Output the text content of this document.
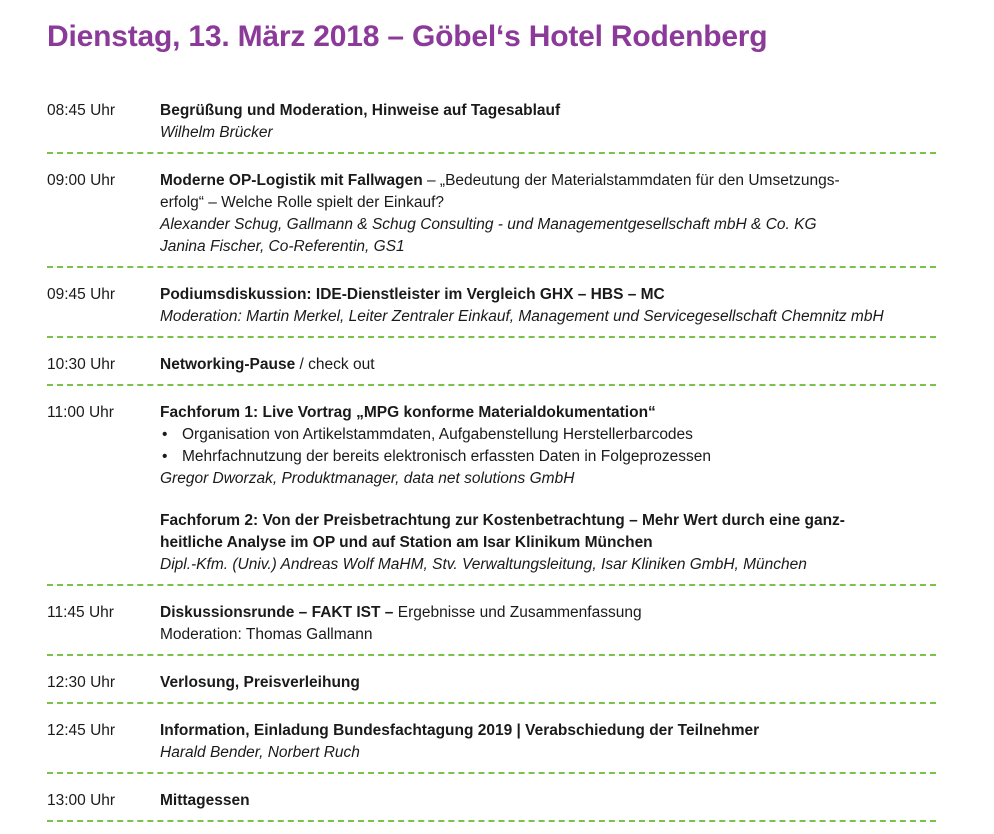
Dienstag, 13. März 2018 – Göbel‘s Hotel Rodenberg
08:45 Uhr	Begrüßung und Moderation, Hinweise auf Tagesablauf
Wilhelm Brücker
09:00 Uhr	Moderne OP-Logistik mit Fallwagen – „Bedeutung der Materialstammdaten für den Umsetzungs-
erfolg“ – Welche Rolle spielt der Einkauf?
Alexander Schug, Gallmann & Schug Consulting - und Managementgesellschaft mbH & Co. KG
Janina Fischer, Co-Referentin, GS1
09:45 Uhr	Podiumsdiskussion: IDE-Dienstleister im Vergleich GHX – HBS – MC
Moderation: Martin Merkel, Leiter Zentraler Einkauf, Management und Servicegesellschaft Chemnitz mbH
10:30 Uhr	Networking-Pause / check out
11:00 Uhr	Fachforum 1: Live Vortrag „MPG konforme Materialdokumentation“
• Organisation von Artikelstammdaten, Aufgabenstellung Herstellerbarcodes
• Mehrfachnutzung der bereits elektronisch erfassten Daten in Folgeprozessen
Gregor Dworzak, Produktmanager, data net solutions GmbH
Fachforum 2: Von der Preisbetrachtung zur Kostenbetrachtung – Mehr Wert durch eine ganz-
heitliche Analyse im OP und auf Station am Isar Klinikum München
Dipl.-Kfm. (Univ.) Andreas Wolf MaHM, Stv. Verwaltungsleitung, Isar Kliniken GmbH, München
11:45 Uhr	Diskussionsrunde – FAKT IST – Ergebnisse und Zusammenfassung
Moderation: Thomas Gallmann
12:30 Uhr	Verlosung, Preisverleihung
12:45 Uhr	Information, Einladung Bundesfachtagung 2019 | Verabschiedung der Teilnehmer
Harald Bender, Norbert Ruch
13:00 Uhr	Mittagessen
